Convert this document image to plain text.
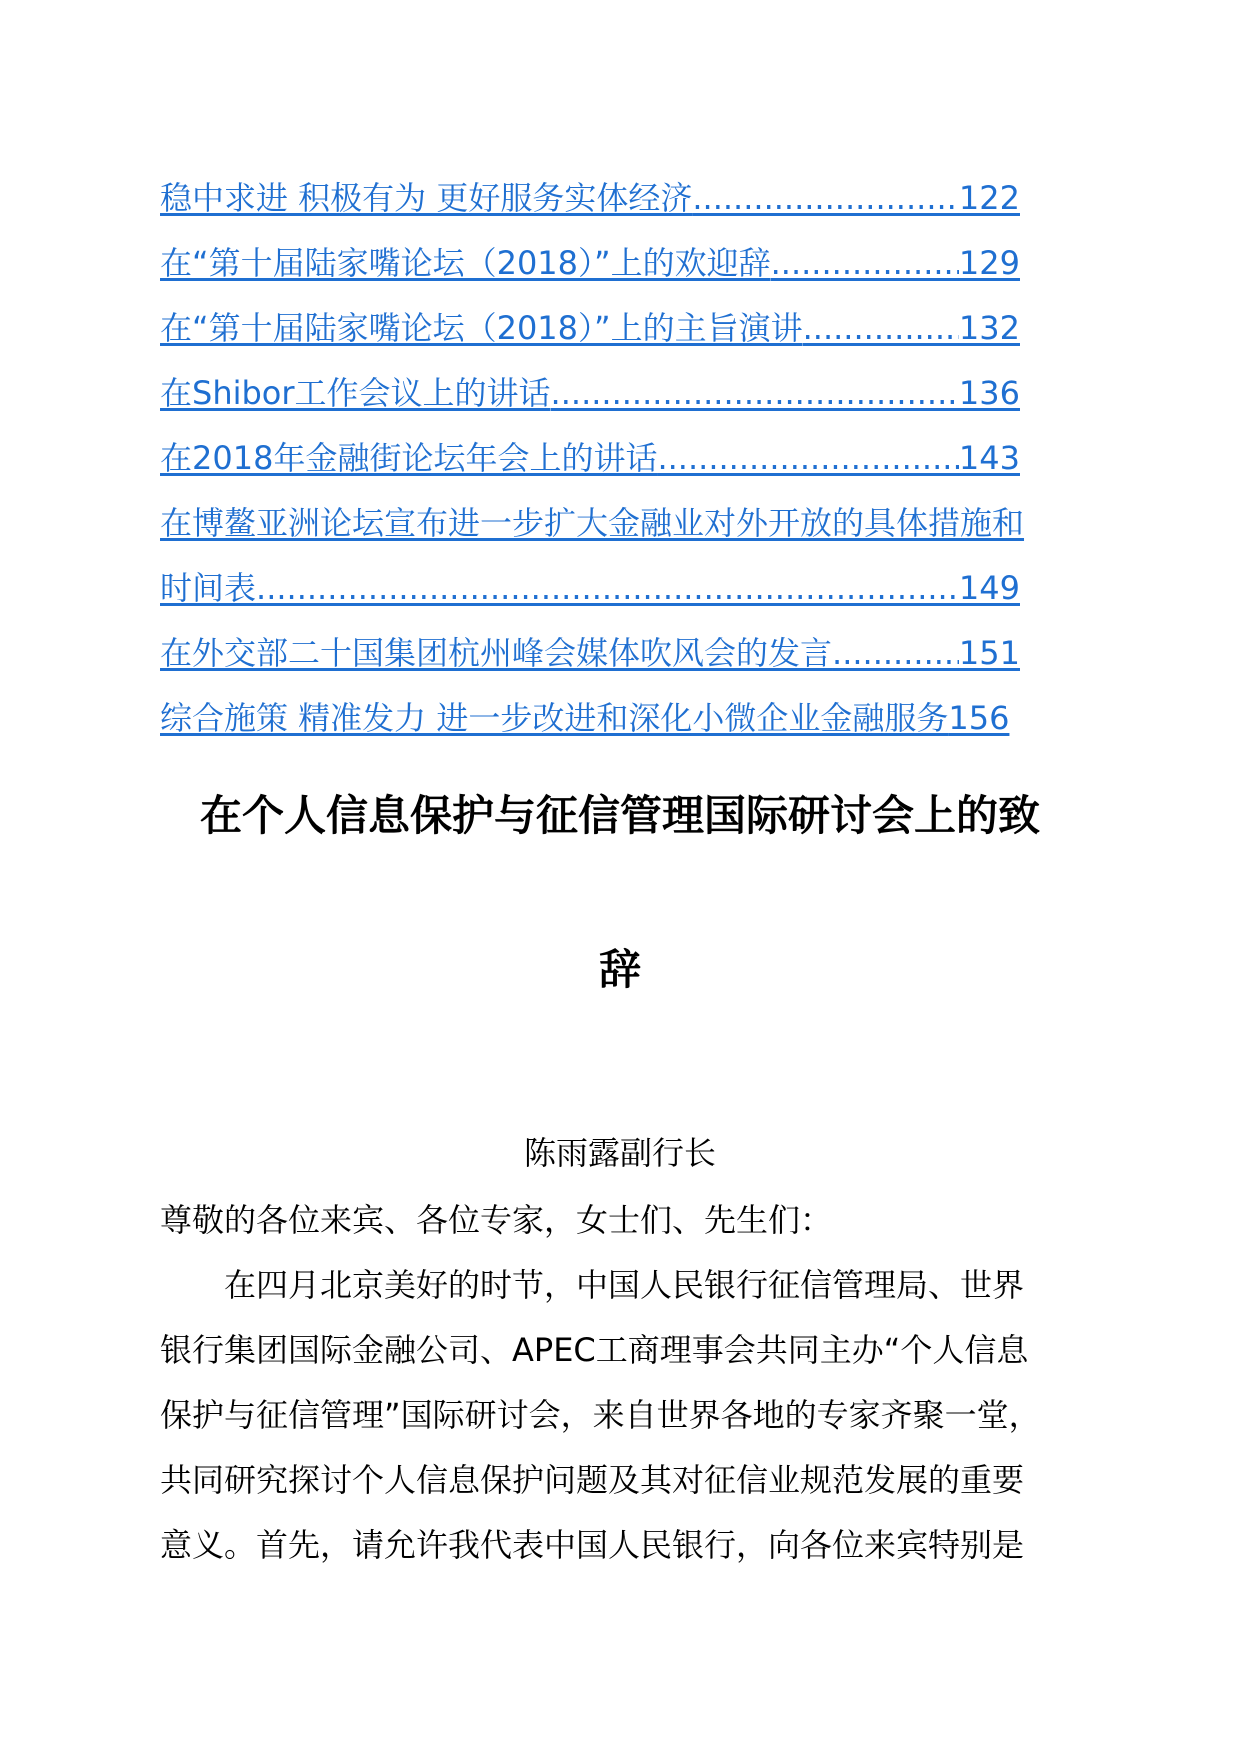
稳中求进 积极有为 更好服务实体经济 .....	122
在“第十届陆家嘴论坛（2018）”上的欢迎辞 .....	129
在“第十届陆家嘴论坛（2018）”上的主旨演讲 .....	132
在Shibor工作会议上的讲话 .....	136
在2018年金融街论坛年会上的讲话 .....	143
在博鳌亚洲论坛宣布进一步扩大金融业对外开放的具体措施和
时间表 .....	149
在外交部二十国集团杭州峰会媒体吹风会的发言 .....	151
综合施策 精准发力 进一步改进和深化小微企业金融服务156
在个人信息保护与征信管理国际研讨会上的致
辞
陈雨露副行长
尊敬的各位来宾、各位专家，女士们、先生们：
在四月北京美好的时节，中国人民银行征信管理局、世界
银行集团国际金融公司、APEC工商理事会共同主办“个人信息
保护与征信管理”国际研讨会，来自世界各地的专家齐聚一堂，
共同研究探讨个人信息保护问题及其对征信业规范发展的重要
意义。首先，请允许我代表中国人民银行，向各位来宾特别是
